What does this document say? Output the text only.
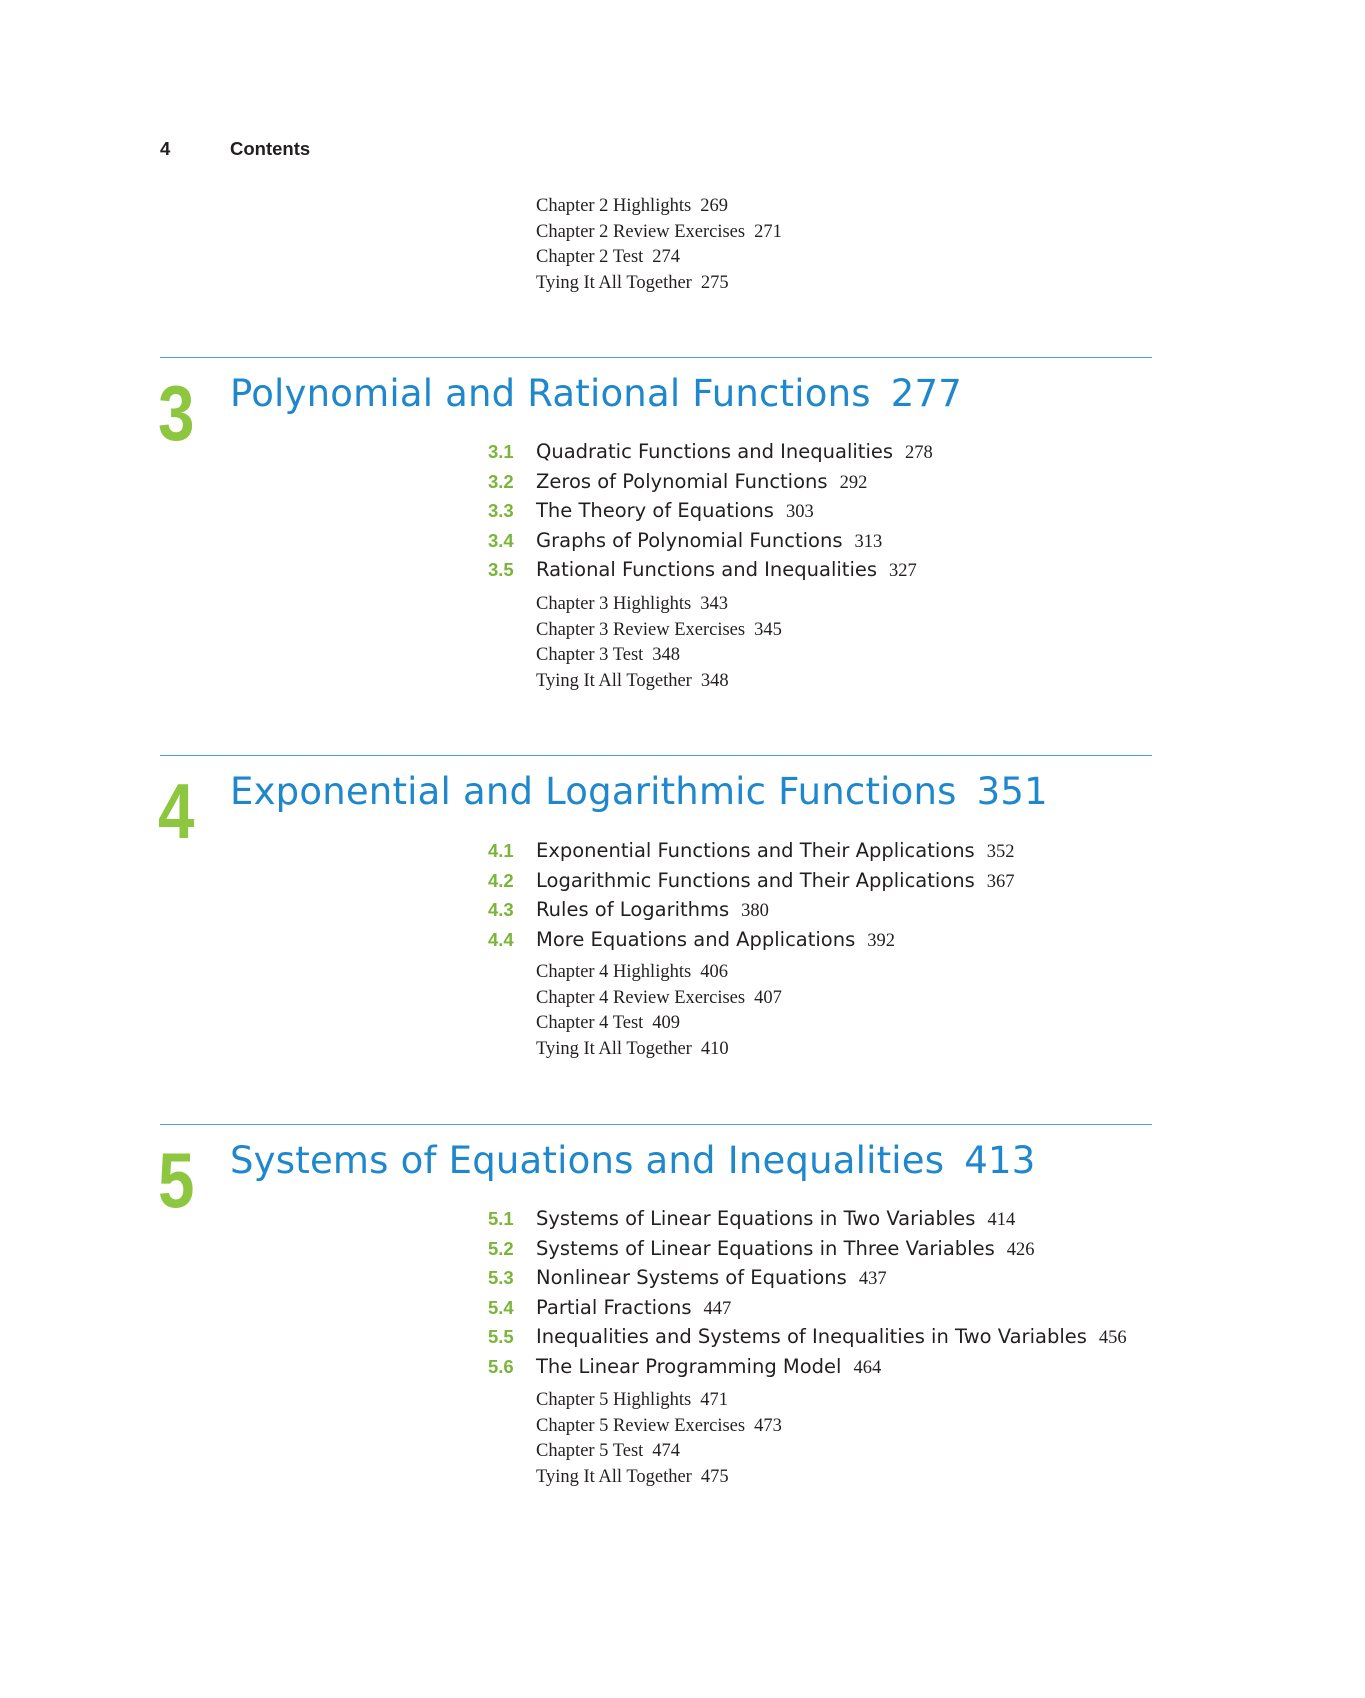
4	Contents
Chapter 2 Highlights 269
Chapter 2 Review Exercises 271
Chapter 2 Test 274
Tying It All Together 275
3 Polynomial and Rational Functions 277
3.1 Quadratic Functions and Inequalities 278
3.2 Zeros of Polynomial Functions 292
3.3 The Theory of Equations 303
3.4 Graphs of Polynomial Functions 313
3.5 Rational Functions and Inequalities 327
Chapter 3 Highlights 343
Chapter 3 Review Exercises 345
Chapter 3 Test 348
Tying It All Together 348
4 Exponential and Logarithmic Functions 351
4.1 Exponential Functions and Their Applications 352
4.2 Logarithmic Functions and Their Applications 367
4.3 Rules of Logarithms 380
4.4 More Equations and Applications 392
Chapter 4 Highlights 406
Chapter 4 Review Exercises 407
Chapter 4 Test 409
Tying It All Together 410
5 Systems of Equations and Inequalities 413
5.1 Systems of Linear Equations in Two Variables 414
5.2 Systems of Linear Equations in Three Variables 426
5.3 Nonlinear Systems of Equations 437
5.4 Partial Fractions 447
5.5 Inequalities and Systems of Inequalities in Two Variables 456
5.6 The Linear Programming Model 464
Chapter 5 Highlights 471
Chapter 5 Review Exercises 473
Chapter 5 Test 474
Tying It All Together 475
